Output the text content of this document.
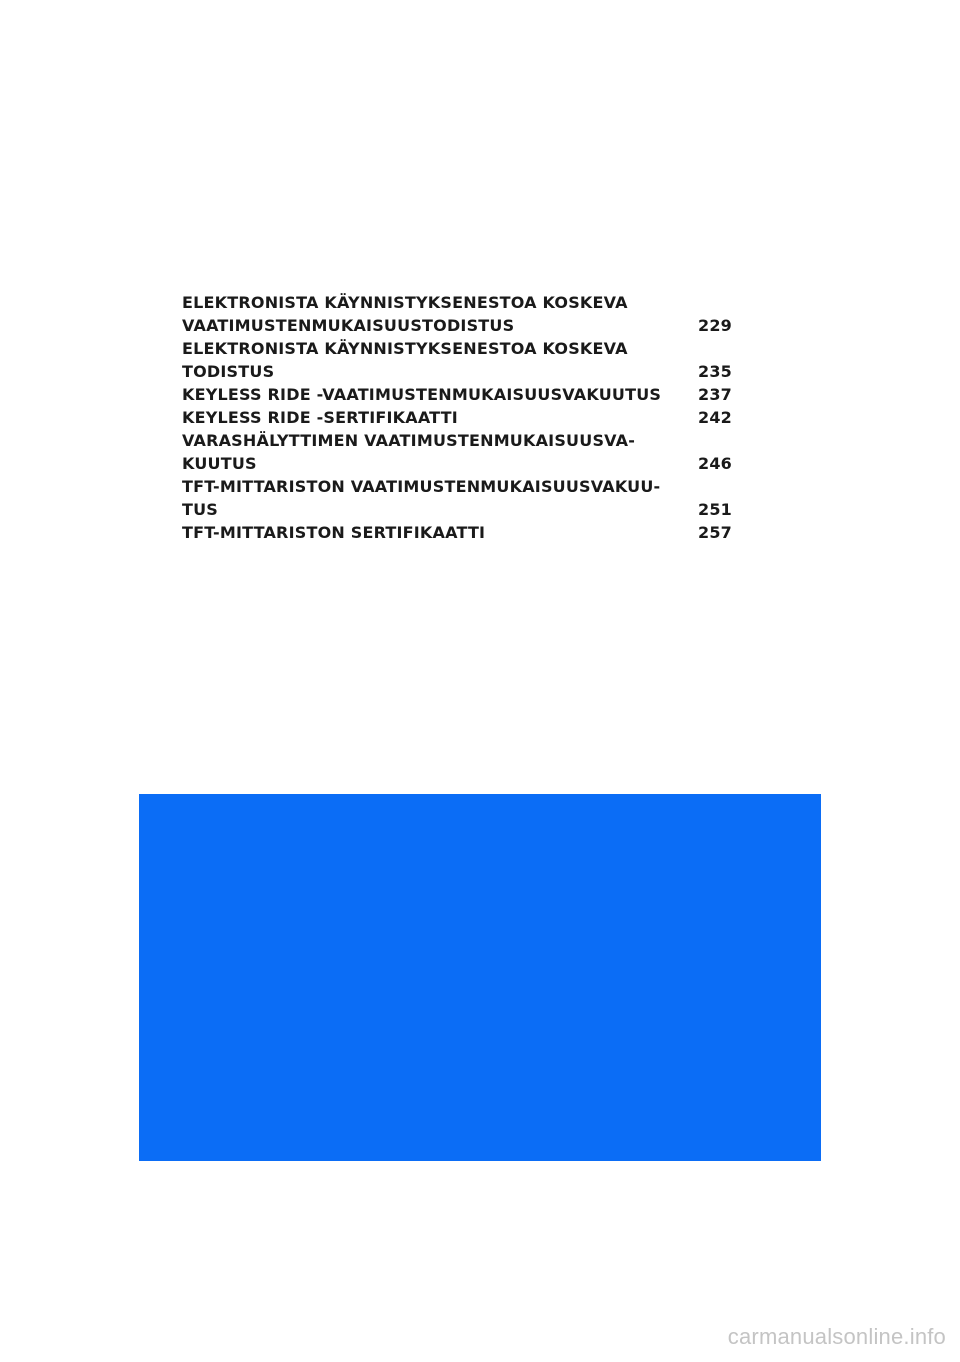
ELEKTRONISTA KÄYNNISTYKSENESTOA KOSKEVA
VAATIMUSTENMUKAISUUSTODISTUS	229
ELEKTRONISTA KÄYNNISTYKSENESTOA KOSKEVA
TODISTUS	235
KEYLESS RIDE -VAATIMUSTENMUKAISUUSVAKUUTUS	237
KEYLESS RIDE -SERTIFIKAATTI	242
VARASHÄLYTTIMEN VAATIMUSTENMUKAISUUSVA-
KUUTUS	246
TFT-MITTARISTON VAATIMUSTENMUKAISUUSVAKUU-
TUS	251
TFT-MITTARISTON SERTIFIKAATTI	257
carmanualsonline.info
